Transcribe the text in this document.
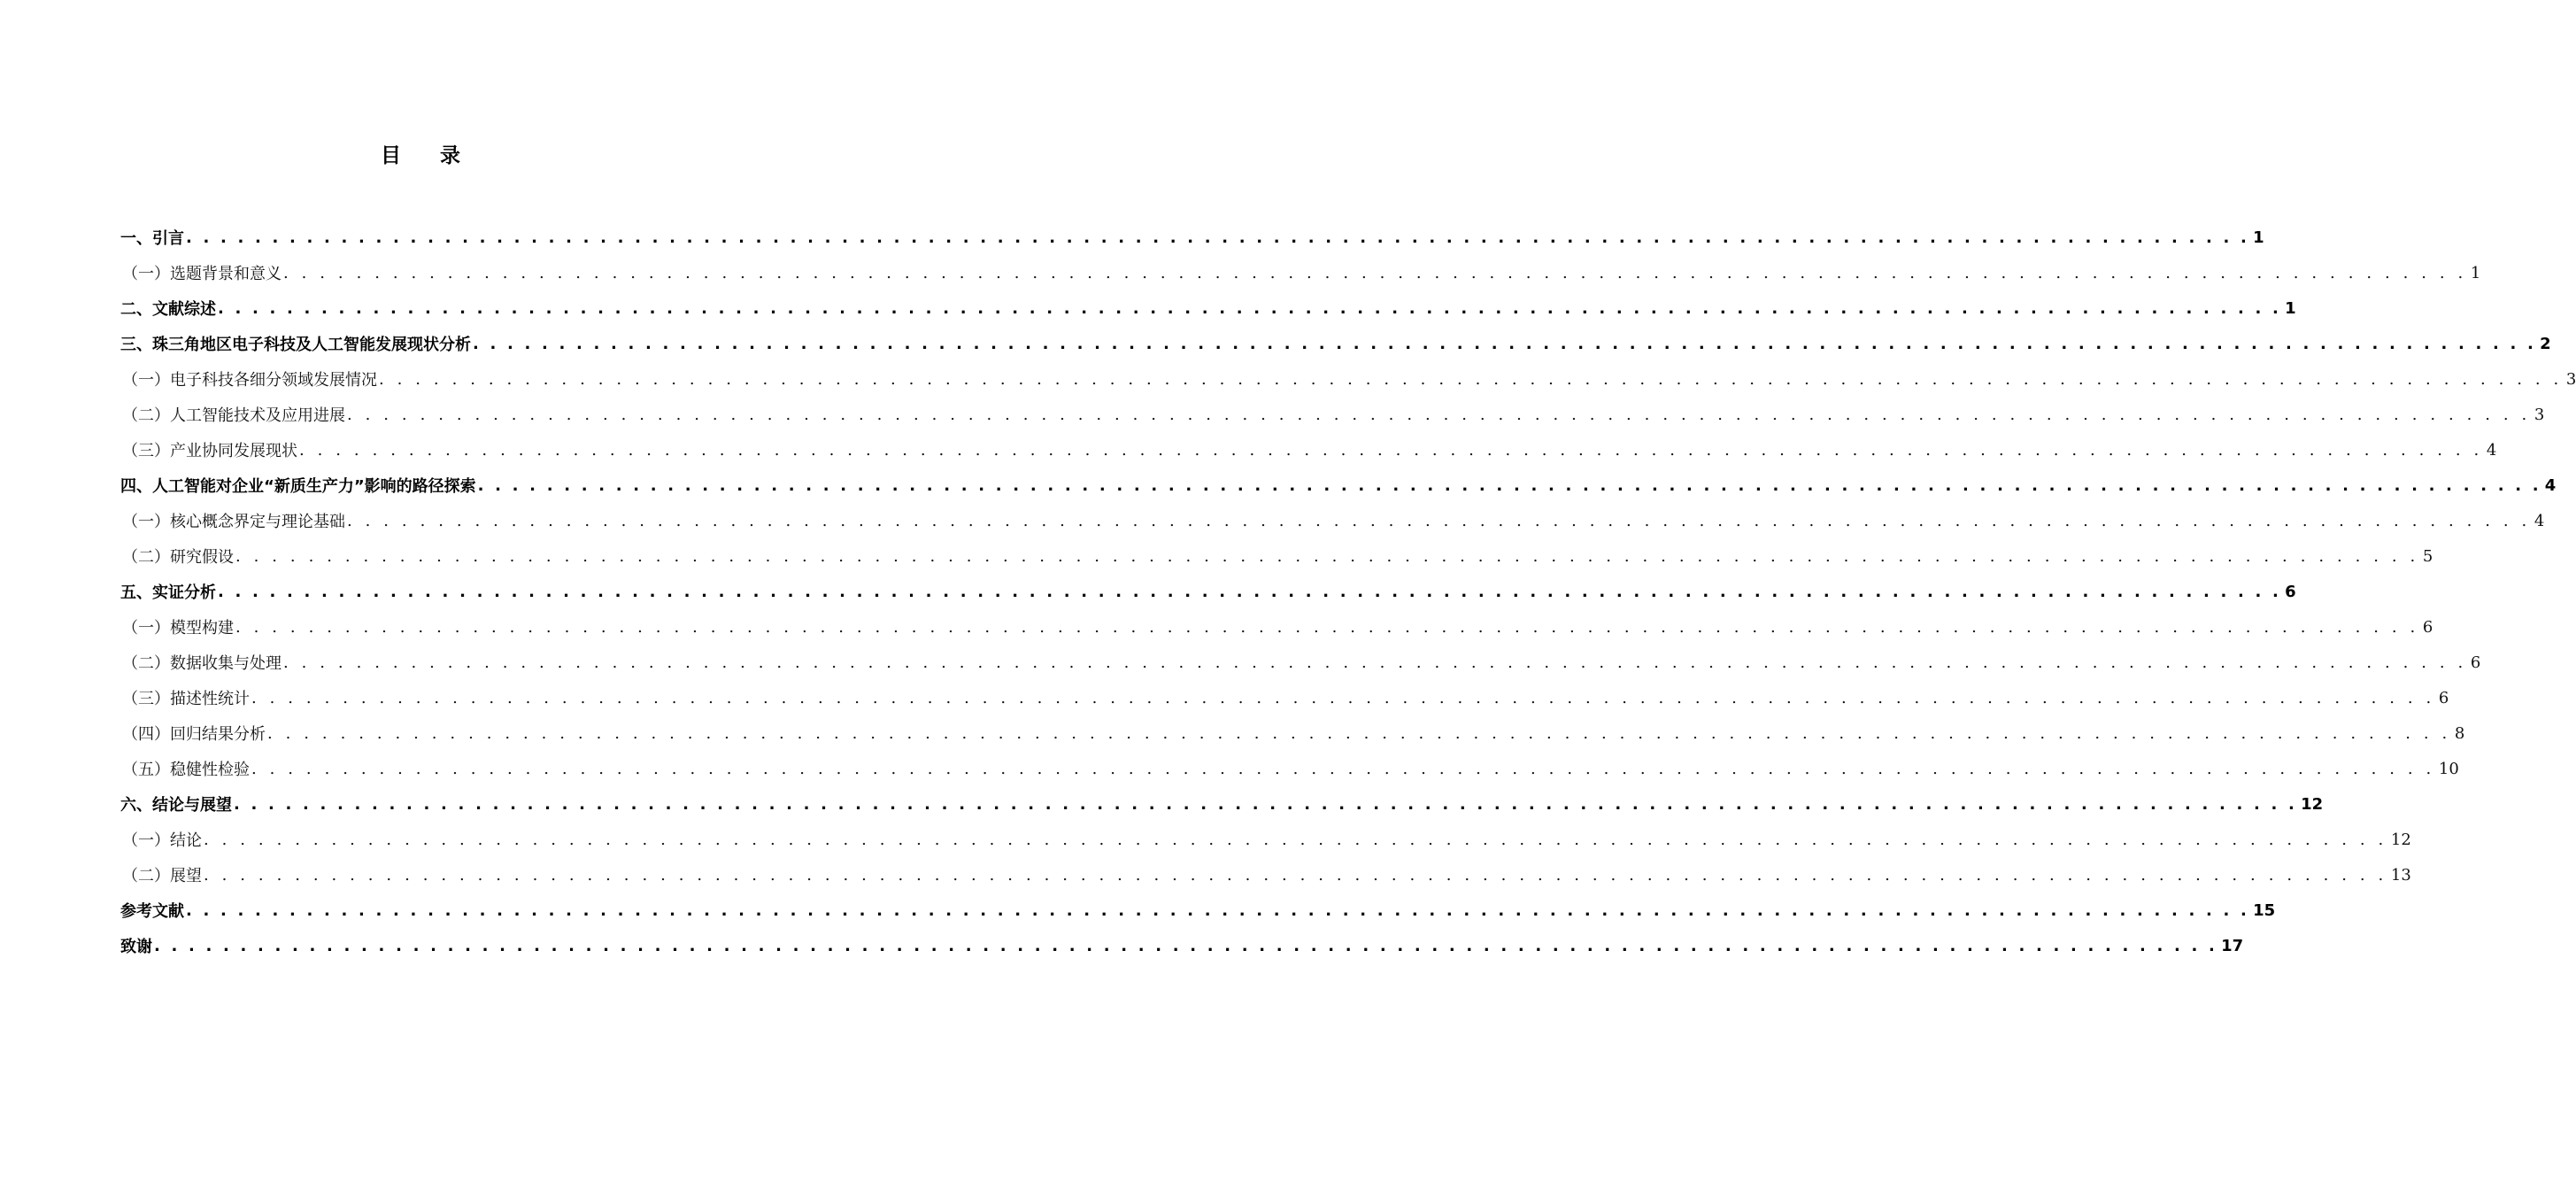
目 录
一、引言 . . . . . . . . . . . . . . . . . . . . . . . . . . . . . . . . . . . . . . . . . . . . . . . . . . . . . . . . . . . . . . . . . . . . . . . . . . . . . . . . . . . . . . . . . . . . . . . . . . . . . . . . . . . . . . . . . . . . . . . . 1
（一）选题背景和意义 . . . . . . . . . . . . . . . . . . . . . . . . . . . . . . . . . . . . . . . . . . . . . . . . . . . . . . . . . . . . . . . . . . . . . . . . . . . . . . . . . . . . . . . . . . . . . . . . . . . . . . . . . . . . . . . . . . . . . . . . 1
二、文献综述 . . . . . . . . . . . . . . . . . . . . . . . . . . . . . . . . . . . . . . . . . . . . . . . . . . . . . . . . . . . . . . . . . . . . . . . . . . . . . . . . . . . . . . . . . . . . . . . . . . . . . . . . . . . . . . . . . . . . . . . . 1
三、珠三角地区电子科技及人工智能发展现状分析 . . . . . . . . . . . . . . . . . . . . . . . . . . . . . . . . . . . . . . . . . . . . . . . . . . . . . . . . . . . . . . . . . . . . . . . . . . . . . . . . . . . . . . . . . . . . . . . . . . . . . . . . . . . . . . . . . . . . . . . . 2
（一）电子科技各细分领域发展情况 . . . . . . . . . . . . . . . . . . . . . . . . . . . . . . . . . . . . . . . . . . . . . . . . . . . . . . . . . . . . . . . . . . . . . . . . . . . . . . . . . . . . . . . . . . . . . . . . . . . . . . . . . . . . . . . . . . . . . . . . 3
（二）人工智能技术及应用进展 . . . . . . . . . . . . . . . . . . . . . . . . . . . . . . . . . . . . . . . . . . . . . . . . . . . . . . . . . . . . . . . . . . . . . . . . . . . . . . . . . . . . . . . . . . . . . . . . . . . . . . . . . . . . . . . . . . . . . . . . 3
（三）产业协同发展现状 . . . . . . . . . . . . . . . . . . . . . . . . . . . . . . . . . . . . . . . . . . . . . . . . . . . . . . . . . . . . . . . . . . . . . . . . . . . . . . . . . . . . . . . . . . . . . . . . . . . . . . . . . . . . . . . . . . . . . . . . 4
四、人工智能对企业“新质生产力”影响的路径探索 . . . . . . . . . . . . . . . . . . . . . . . . . . . . . . . . . . . . . . . . . . . . . . . . . . . . . . . . . . . . . . . . . . . . . . . . . . . . . . . . . . . . . . . . . . . . . . . . . . . . . . . . . . . . . . . . . . . . . . . . 4
（一）核心概念界定与理论基础 . . . . . . . . . . . . . . . . . . . . . . . . . . . . . . . . . . . . . . . . . . . . . . . . . . . . . . . . . . . . . . . . . . . . . . . . . . . . . . . . . . . . . . . . . . . . . . . . . . . . . . . . . . . . . . . . . . . . . . . . 4
（二）研究假设 . . . . . . . . . . . . . . . . . . . . . . . . . . . . . . . . . . . . . . . . . . . . . . . . . . . . . . . . . . . . . . . . . . . . . . . . . . . . . . . . . . . . . . . . . . . . . . . . . . . . . . . . . . . . . . . . . . . . . . . . 5
五、实证分析 . . . . . . . . . . . . . . . . . . . . . . . . . . . . . . . . . . . . . . . . . . . . . . . . . . . . . . . . . . . . . . . . . . . . . . . . . . . . . . . . . . . . . . . . . . . . . . . . . . . . . . . . . . . . . . . . . . . . . . . . 6
（一）模型构建 . . . . . . . . . . . . . . . . . . . . . . . . . . . . . . . . . . . . . . . . . . . . . . . . . . . . . . . . . . . . . . . . . . . . . . . . . . . . . . . . . . . . . . . . . . . . . . . . . . . . . . . . . . . . . . . . . . . . . . . . 6
（二）数据收集与处理 . . . . . . . . . . . . . . . . . . . . . . . . . . . . . . . . . . . . . . . . . . . . . . . . . . . . . . . . . . . . . . . . . . . . . . . . . . . . . . . . . . . . . . . . . . . . . . . . . . . . . . . . . . . . . . . . . . . . . . . . 6
（三）描述性统计 . . . . . . . . . . . . . . . . . . . . . . . . . . . . . . . . . . . . . . . . . . . . . . . . . . . . . . . . . . . . . . . . . . . . . . . . . . . . . . . . . . . . . . . . . . . . . . . . . . . . . . . . . . . . . . . . . . . . . . . . 6
（四）回归结果分析 . . . . . . . . . . . . . . . . . . . . . . . . . . . . . . . . . . . . . . . . . . . . . . . . . . . . . . . . . . . . . . . . . . . . . . . . . . . . . . . . . . . . . . . . . . . . . . . . . . . . . . . . . . . . . . . . . . . . . . . . 8
（五）稳健性检验 . . . . . . . . . . . . . . . . . . . . . . . . . . . . . . . . . . . . . . . . . . . . . . . . . . . . . . . . . . . . . . . . . . . . . . . . . . . . . . . . . . . . . . . . . . . . . . . . . . . . . . . . . . . . . . . . . . . . . . . . 10
六、结论与展望 . . . . . . . . . . . . . . . . . . . . . . . . . . . . . . . . . . . . . . . . . . . . . . . . . . . . . . . . . . . . . . . . . . . . . . . . . . . . . . . . . . . . . . . . . . . . . . . . . . . . . . . . . . . . . . . . . . . . . . . . 12
（一）结论 . . . . . . . . . . . . . . . . . . . . . . . . . . . . . . . . . . . . . . . . . . . . . . . . . . . . . . . . . . . . . . . . . . . . . . . . . . . . . . . . . . . . . . . . . . . . . . . . . . . . . . . . . . . . . . . . . . . . . . . . 12
（二）展望 . . . . . . . . . . . . . . . . . . . . . . . . . . . . . . . . . . . . . . . . . . . . . . . . . . . . . . . . . . . . . . . . . . . . . . . . . . . . . . . . . . . . . . . . . . . . . . . . . . . . . . . . . . . . . . . . . . . . . . . . 13
参考文献 . . . . . . . . . . . . . . . . . . . . . . . . . . . . . . . . . . . . . . . . . . . . . . . . . . . . . . . . . . . . . . . . . . . . . . . . . . . . . . . . . . . . . . . . . . . . . . . . . . . . . . . . . . . . . . . . . . . . . . . . 15
致谢 . . . . . . . . . . . . . . . . . . . . . . . . . . . . . . . . . . . . . . . . . . . . . . . . . . . . . . . . . . . . . . . . . . . . . . . . . . . . . . . . . . . . . . . . . . . . . . . . . . . . . . . . . . . . . . . . . . . . . . . . 17
